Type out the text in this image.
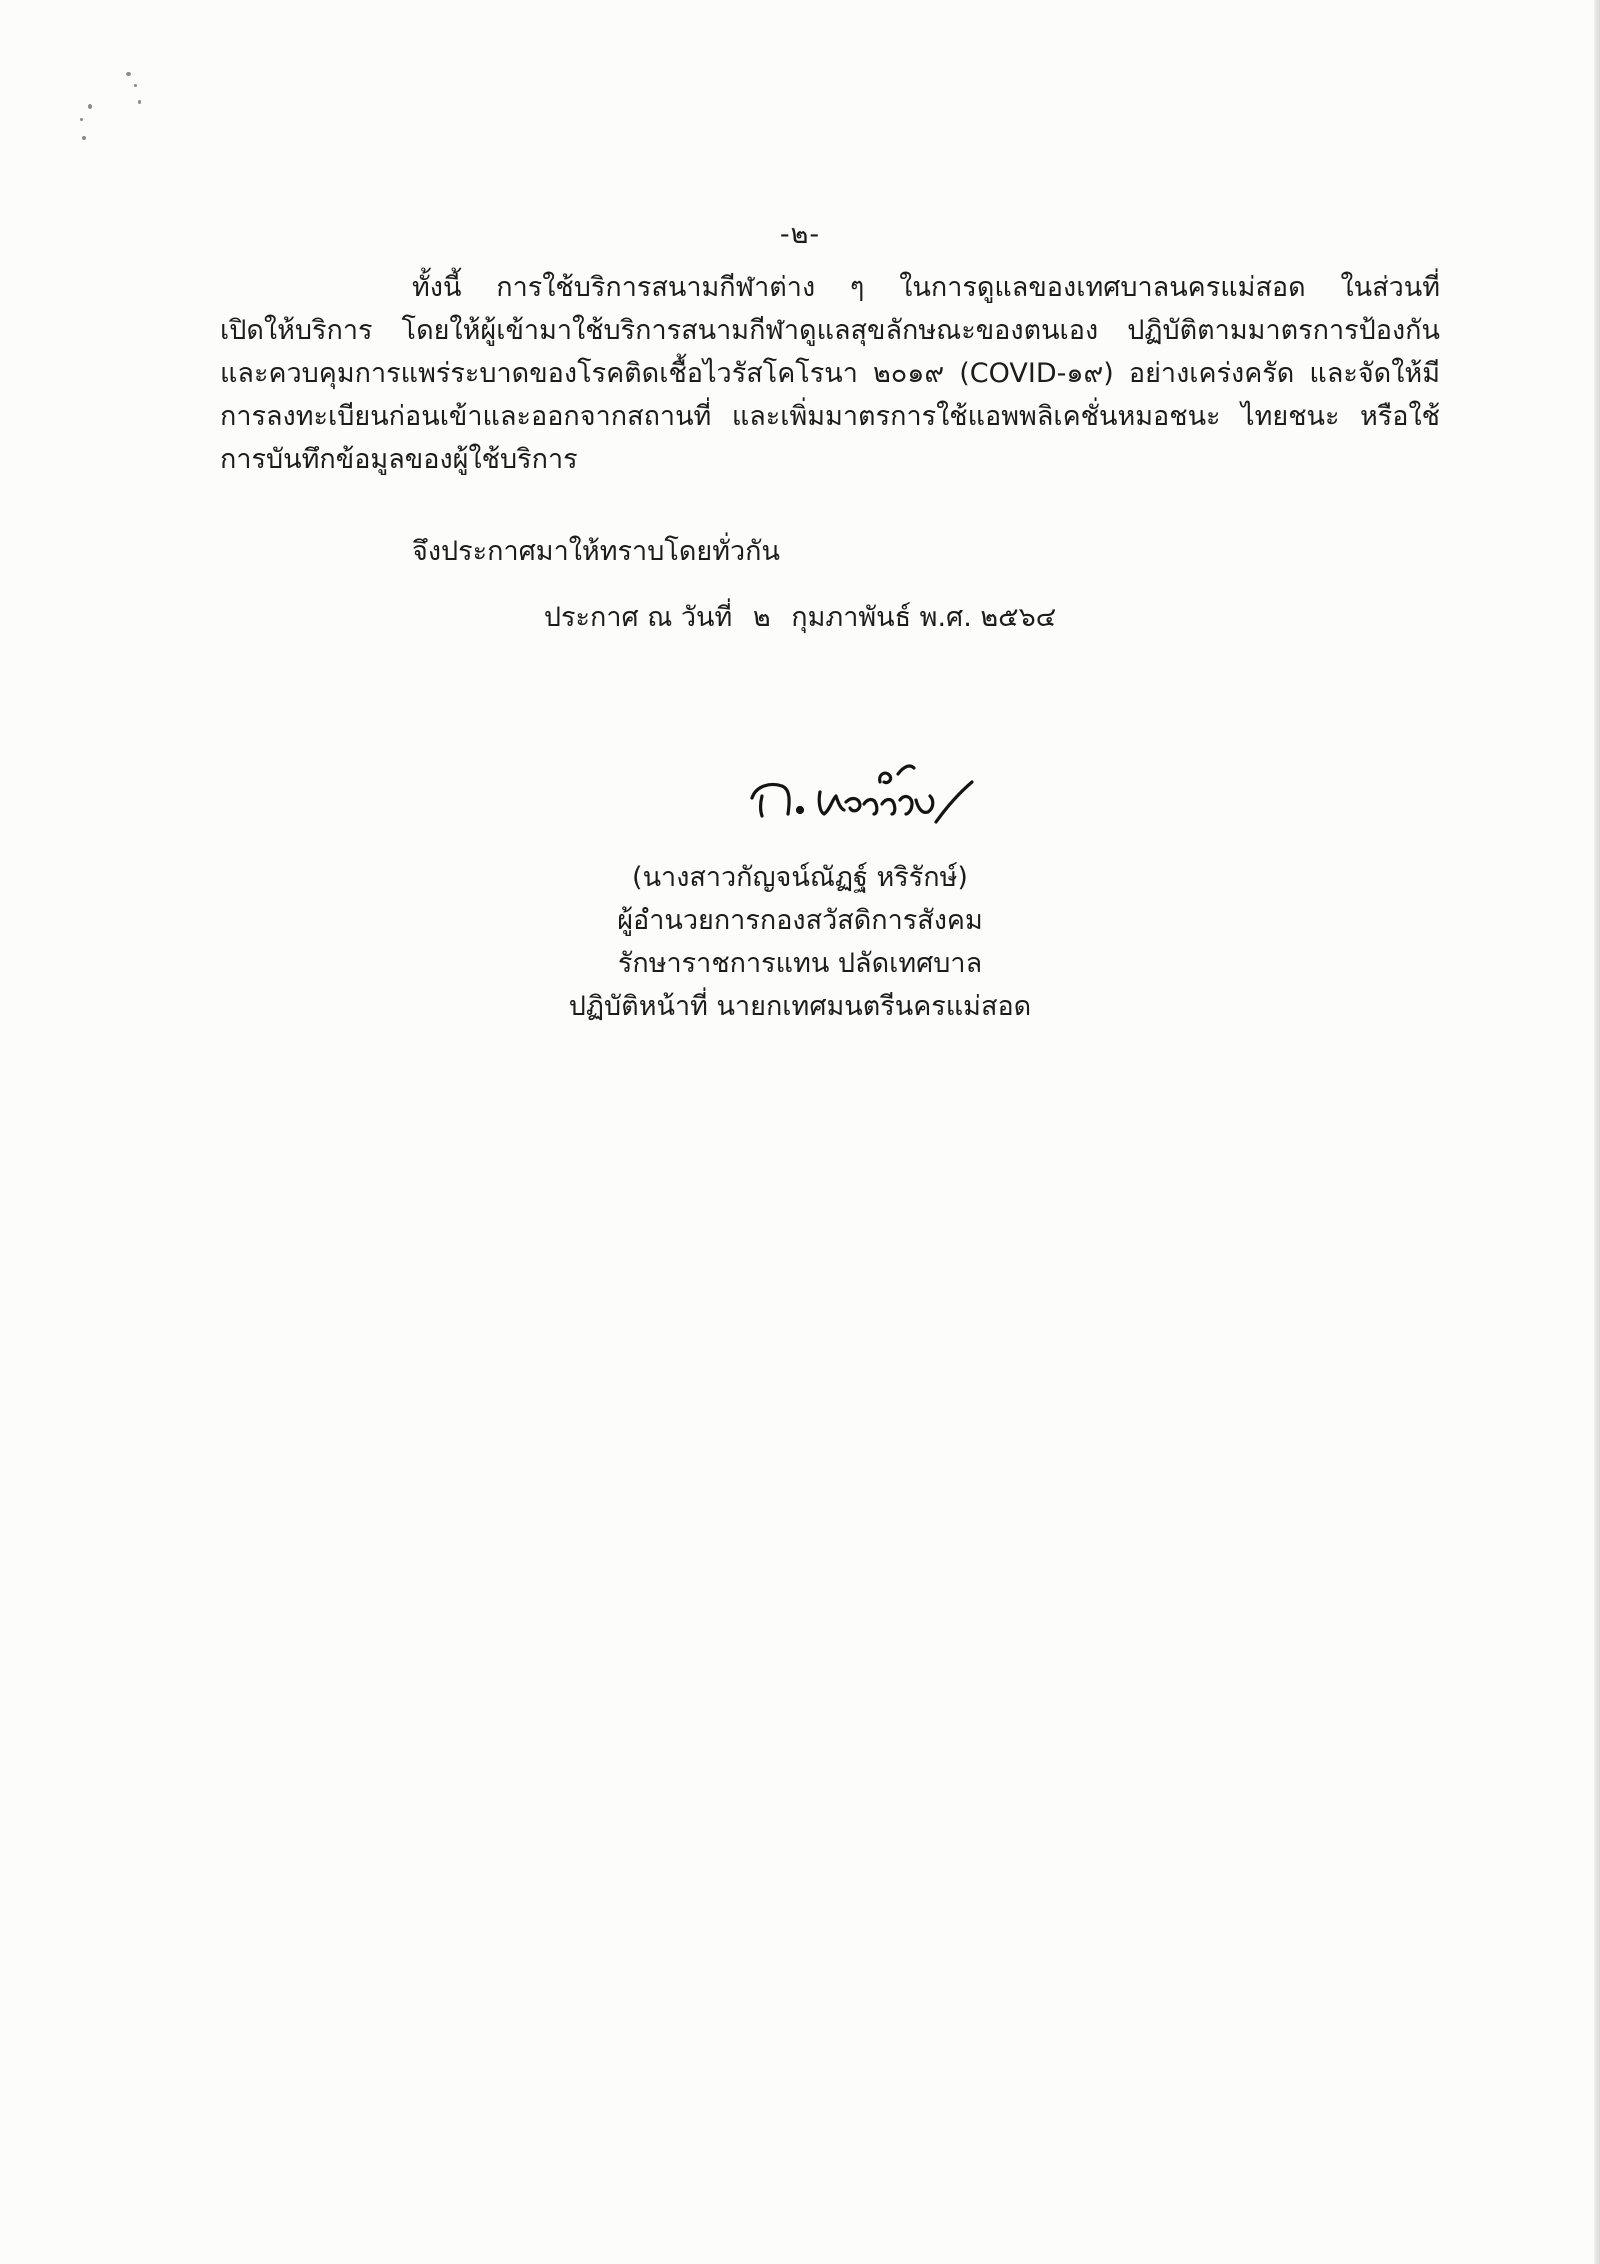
-๒-
ทั้งนี้ การใช้บริการสนามกีฬาต่าง ๆ ในการดูแลของเทศบาลนครแม่สอด ในส่วนที่
เปิดให้บริการ โดยให้ผู้เข้ามาใช้บริการสนามกีฬาดูแลสุขลักษณะของตนเอง ปฏิบัติตามมาตรการป้องกัน
และควบคุมการแพร่ระบาดของโรคติดเชื้อไวรัสโคโรนา ๒๐๑๙ (COVID-๑๙) อย่างเคร่งครัด และจัดให้มี
การลงทะเบียนก่อนเข้าและออกจากสถานที่ และเพิ่มมาตรการใช้แอพพลิเคชั่นหมอชนะ ไทยชนะ หรือใช้
การบันทึกข้อมูลของผู้ใช้บริการ
จึงประกาศมาให้ทราบโดยทั่วกัน
ประกาศ ณ วันที่ ๒ กุมภาพันธ์ พ.ศ. ๒๕๖๔
(นางสาวกัญจน์ณัฏฐ์ หริรักษ์)
ผู้อำนวยการกองสวัสดิการสังคม
รักษาราชการแทน ปลัดเทศบาล
ปฏิบัติหน้าที่ นายกเทศมนตรีนครแม่สอด
